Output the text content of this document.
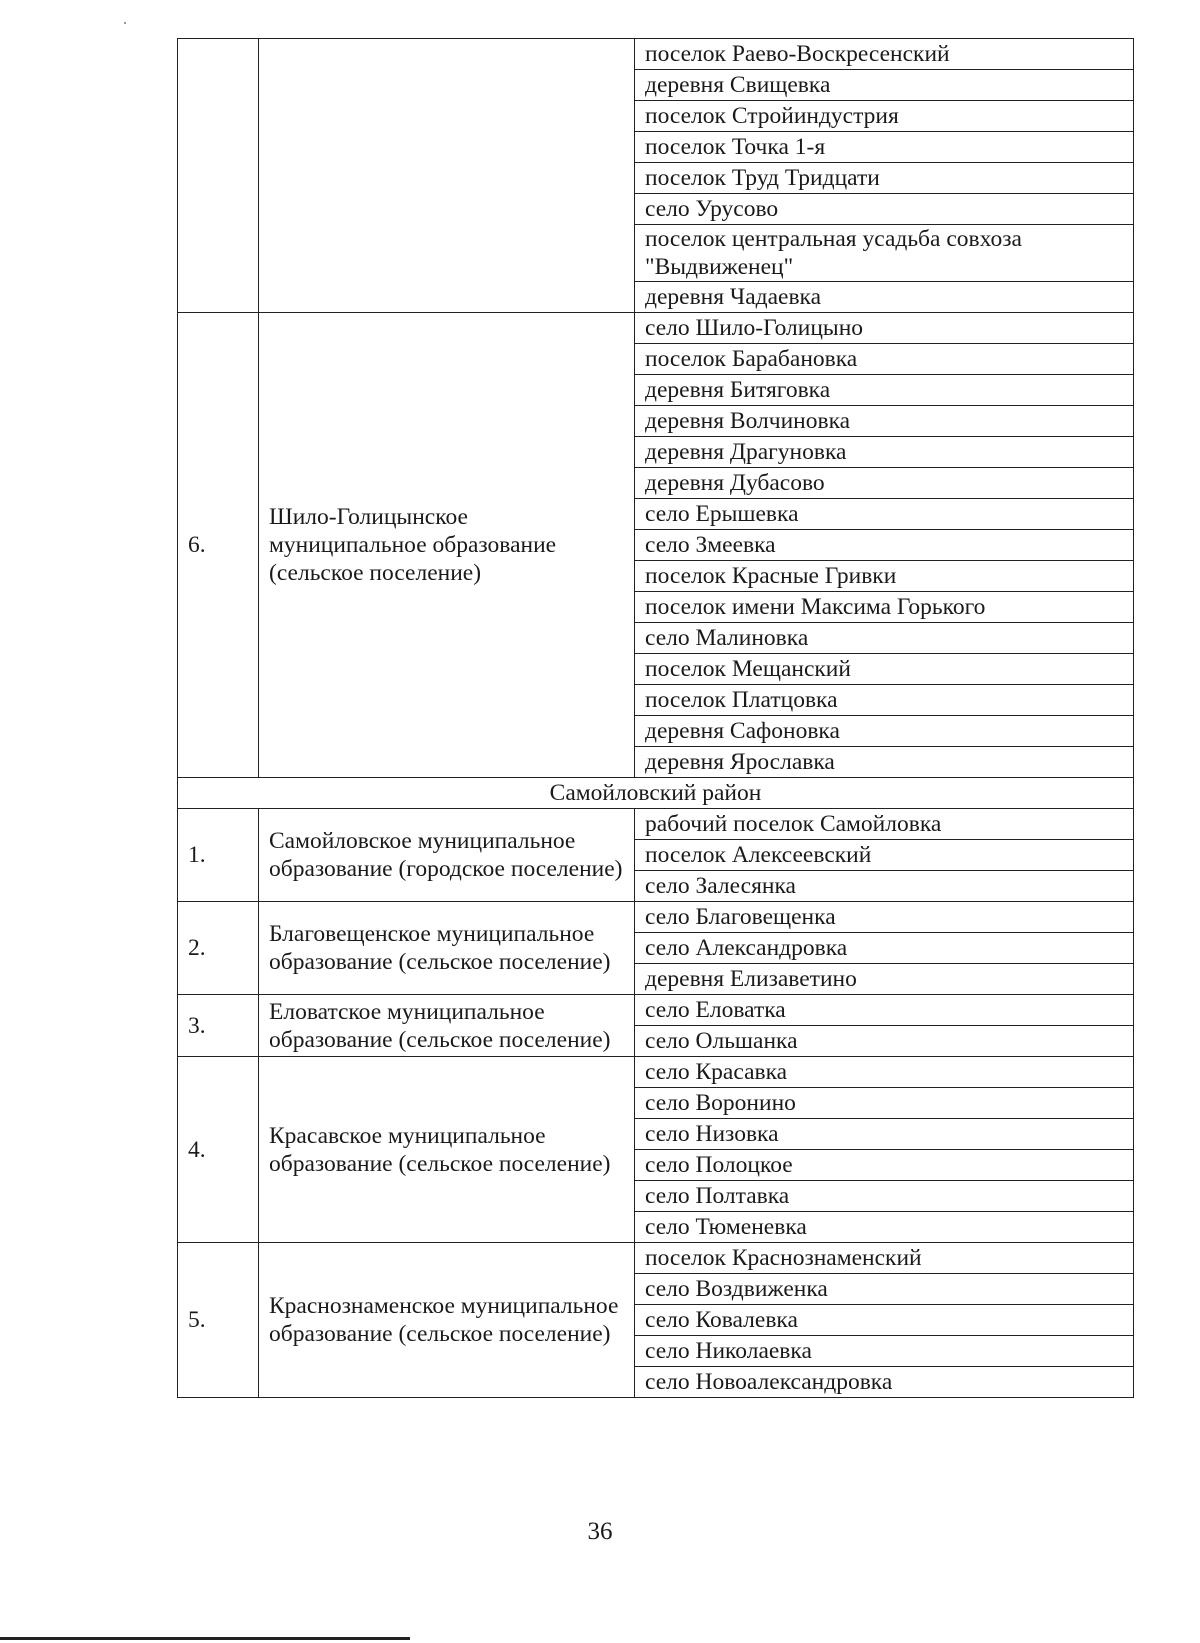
		поселок Раево-Воскресенский
		деревня Свищевка
		поселок Стройиндустрия
		поселок Точка 1-я
		поселок Труд Тридцати
		село Урусово
		поселок центральная усадьба совхоза "Выдвиженец"
		деревня Чадаевка
6.	Шило-Голицынское муниципальное образование (сельское поселение)	село Шило-Голицыно
		поселок Барабановка
		деревня Битяговка
		деревня Волчиновка
		деревня Драгуновка
		деревня Дубасово
		село Ерышевка
		село Змеевка
		поселок Красные Гривки
		поселок имени Максима Горького
		село Малиновка
		поселок Мещанский
		поселок Платцовка
		деревня Сафоновка
		деревня Ярославка
Самойловский район		
1.	Самойловское муниципальное образование (городское поселение)	рабочий поселок Самойловка
		поселок Алексеевский
		село Залесянка
2.	Благовещенское муниципальное образование (сельское поселение)	село Благовещенка
		село Александровка
		деревня Елизаветино
3.	Еловатское муниципальное образование (сельское поселение)	село Еловатка
		село Ольшанка
4.	Красавское муниципальное образование (сельское поселение)	село Красавка
		село Воронино
		село Низовка
		село Полоцкое
		село Полтавка
		село Тюменевка
5.	Краснознаменское муниципальное образование (сельское поселение)	поселок Краснознаменский
		село Воздвиженка
		село Ковалевка
		село Николаевка
		село Новоалександровка
36
